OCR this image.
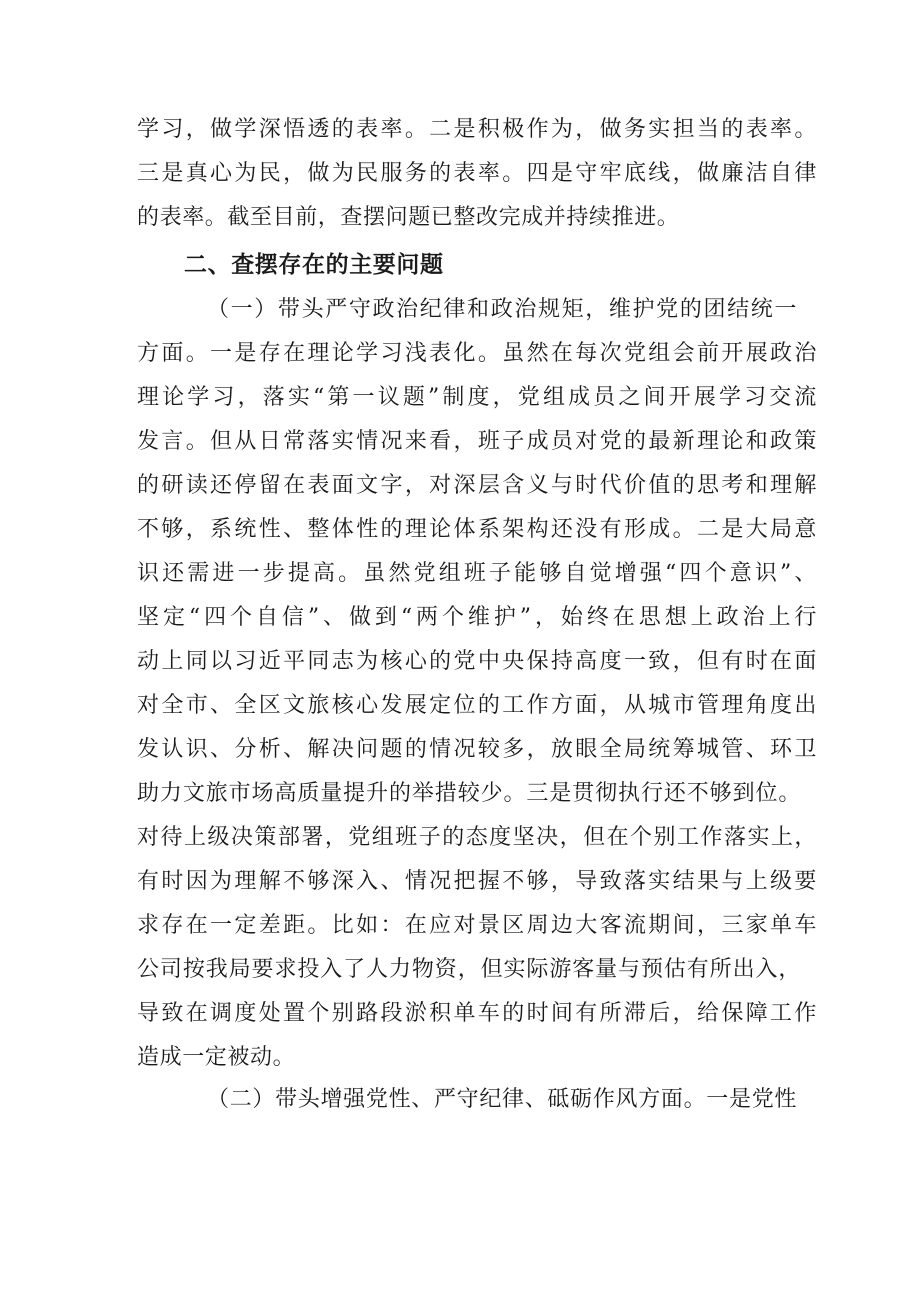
学习，做学深悟透的表率。二是积极作为，做务实担当的表率。
三是真心为民，做为民服务的表率。四是守牢底线，做廉洁自律
的表率。截至目前，查摆问题已整改完成并持续推进。
二、查摆存在的主要问题
（一）带头严守政治纪律和政治规矩，维护党的团结统一
方面。一是存在理论学习浅表化。虽然在每次党组会前开展政治
理论学习，落实“第一议题”制度，党组成员之间开展学习交流
发言。但从日常落实情况来看，班子成员对党的最新理论和政策
的研读还停留在表面文字，对深层含义与时代价值的思考和理解
不够，系统性、整体性的理论体系架构还没有形成。二是大局意
识还需进一步提高。虽然党组班子能够自觉增强“四个意识”、
坚定“四个自信”、做到“两个维护”，始终在思想上政治上行
动上同以习近平同志为核心的党中央保持高度一致，但有时在面
对全市、全区文旅核心发展定位的工作方面，从城市管理角度出
发认识、分析、解决问题的情况较多，放眼全局统筹城管、环卫
助力文旅市场高质量提升的举措较少。三是贯彻执行还不够到位。
对待上级决策部署，党组班子的态度坚决，但在个别工作落实上，
有时因为理解不够深入、情况把握不够，导致落实结果与上级要
求存在一定差距。比如：在应对景区周边大客流期间，三家单车
公司按我局要求投入了人力物资，但实际游客量与预估有所出入，
导致在调度处置个别路段淤积单车的时间有所滞后，给保障工作
造成一定被动。
（二）带头增强党性、严守纪律、砥砺作风方面。一是党性
